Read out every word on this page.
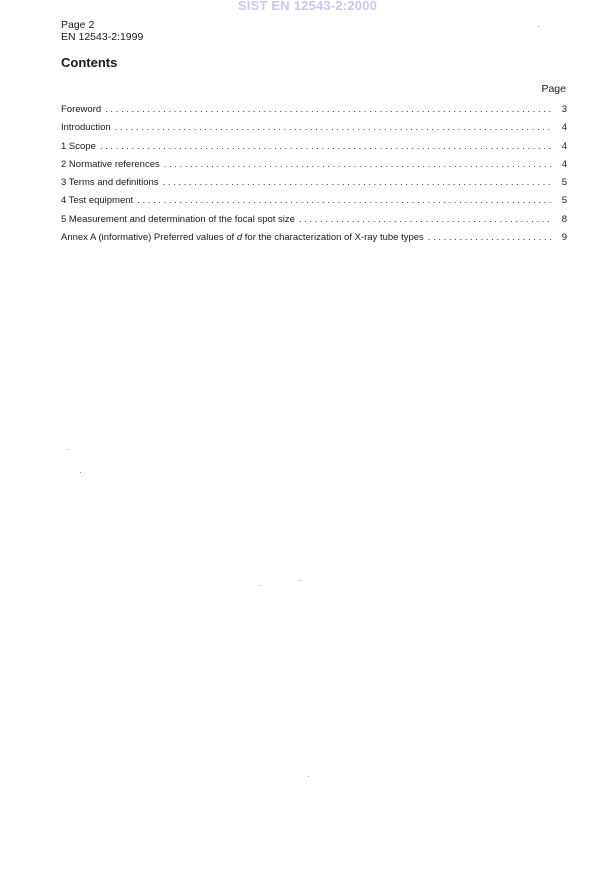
SIST EN 12543-2:2000
Page 2
EN 12543-2:1999
Contents
Page
Foreword . . .	3
Introduction . . .	4
1 Scope . . .	4
2 Normative references . . .	4
3 Terms and definitions . . .	5
4 Test equipment . . .	5
5 Measurement and determination of the focal spot size . . .	8
Annex A (informative) Preferred values of d for the characterization of X-ray tube types . . .	9
